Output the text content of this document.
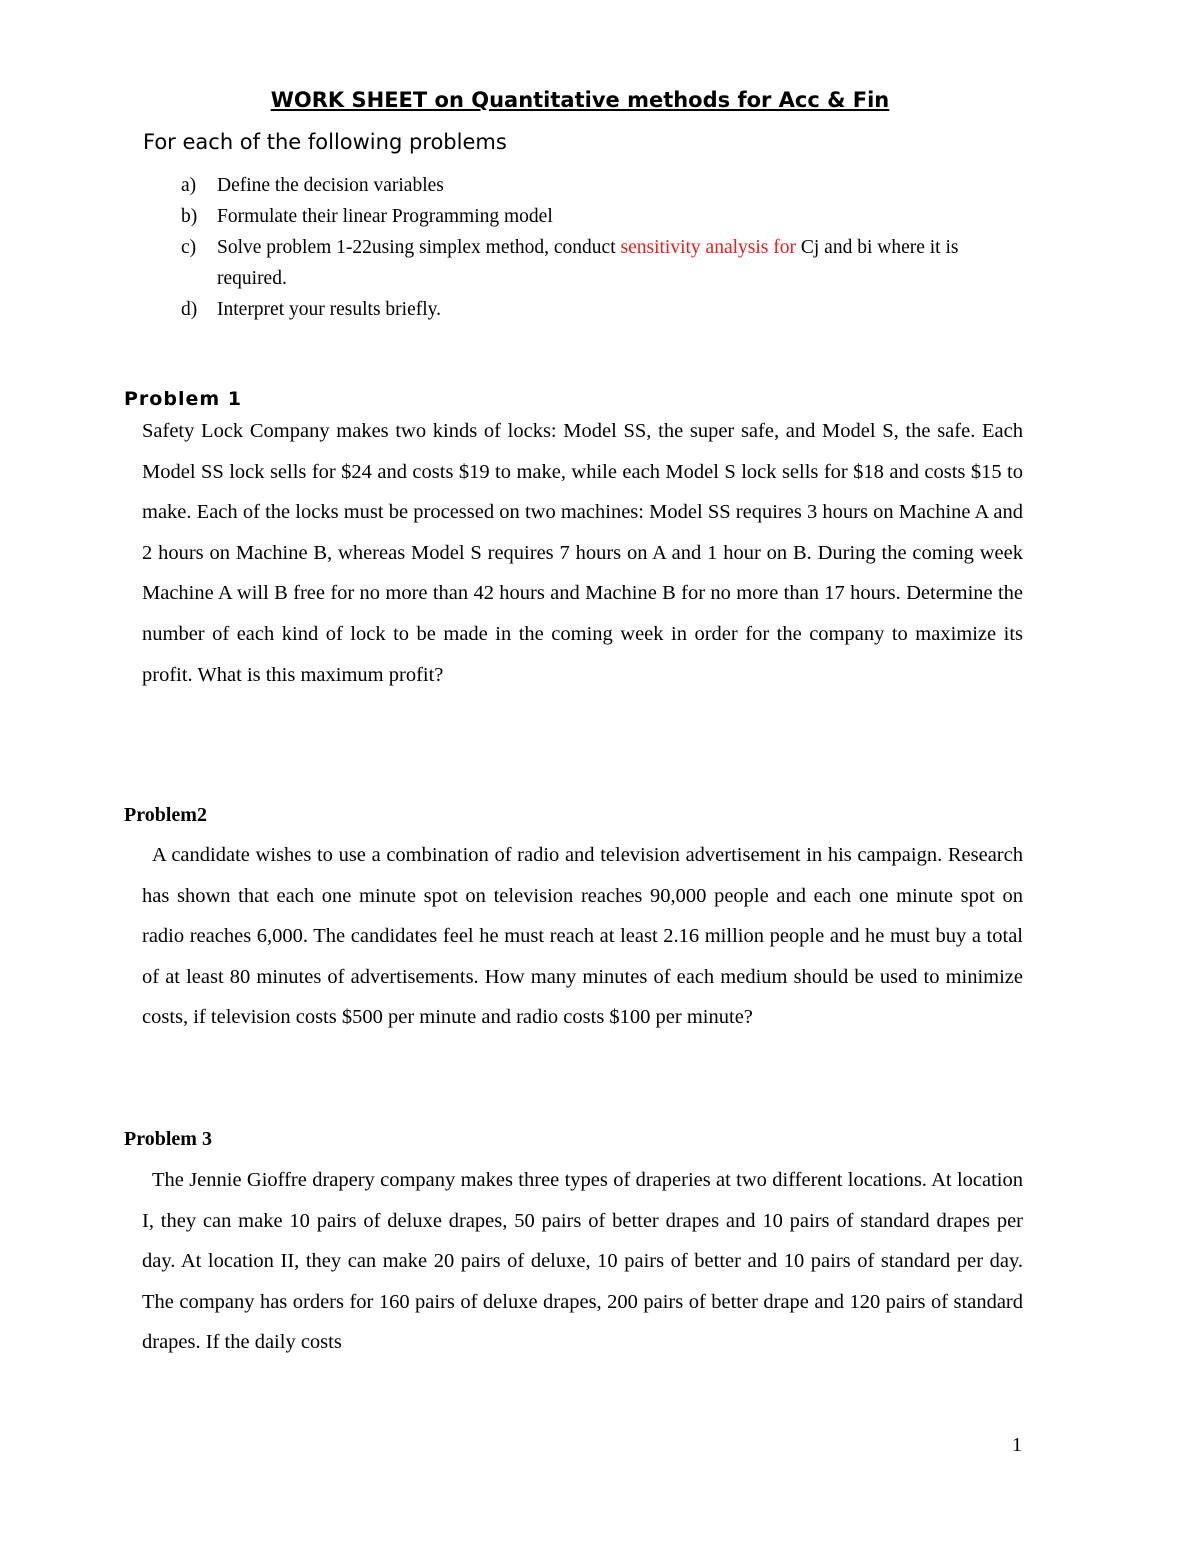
WORK SHEET on Quantitative methods for Acc & Fin
For each of the following problems
a) Define the decision variables
b) Formulate their linear Programming model
c) Solve problem 1-22using simplex method, conduct sensitivity analysis for Cj and bi where it is required.
d) Interpret your results briefly.
Problem 1

Safety Lock Company makes two kinds of locks: Model SS, the super safe, and Model S, the safe. Each Model SS lock sells for $24 and costs $19 to make, while each Model S lock sells for $18 and costs $15 to make. Each of the locks must be processed on two machines: Model SS requires 3 hours on Machine A and 2 hours on Machine B, whereas Model S requires 7 hours on A and 1 hour on B. During the coming week Machine A will B free for no more than 42 hours and Machine B for no more than 17 hours. Determine the number of each kind of lock to be made in the coming week in order for the company to maximize its profit. What is this maximum profit?

Problem2

A candidate wishes to use a combination of radio and television advertisement in his campaign. Research has shown that each one minute spot on television reaches 90,000 people and each one minute spot on radio reaches 6,000. The candidates feel he must reach at least 2.16 million people and he must buy a total of at least 80 minutes of advertisements. How many minutes of each medium should be used to minimize costs, if television costs $500 per minute and radio costs $100 per minute?

Problem 3

The Jennie Gioffre drapery company makes three types of draperies at two different locations. At location I, they can make 10 pairs of deluxe drapes, 50 pairs of better drapes and 10 pairs of standard drapes per day. At location II, they can make 20 pairs of deluxe, 10 pairs of better and 10 pairs of standard per day. The company has orders for 160 pairs of deluxe drapes, 200 pairs of better drape and 120 pairs of standard drapes. If the daily costs

1
